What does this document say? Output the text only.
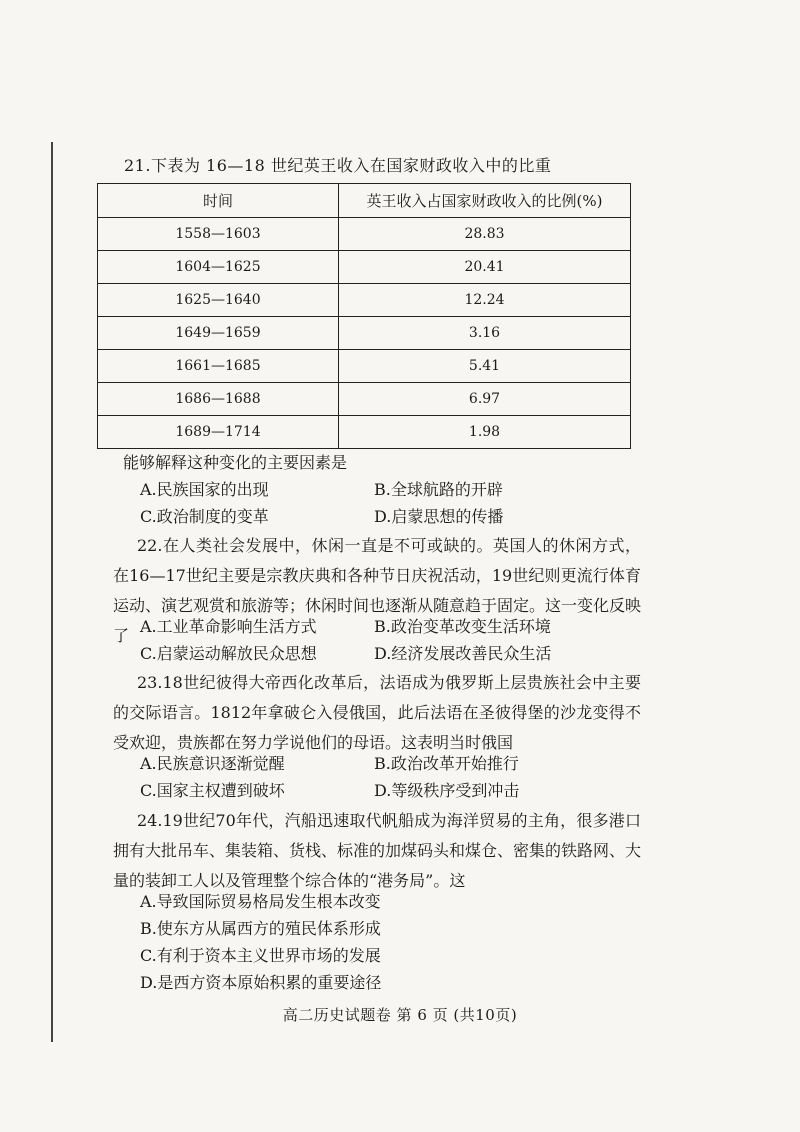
21.下表为 16—18 世纪英王收入在国家财政收入中的比重
时间	英王收入占国家财政收入的比例(%)
1558—1603	28.83
1604—1625	20.41
1625—1640	12.24
1649—1659	3.16
1661—1685	5.41
1686—1688	6.97
1689—1714	1.98
能够解释这种变化的主要因素是
A.民族国家的出现	B.全球航路的开辟
C.政治制度的变革	D.启蒙思想的传播
22.在人类社会发展中，休闲一直是不可或缺的。英国人的休闲方式，在16—17世纪主要是宗教庆典和各种节日庆祝活动，19世纪则更流行体育运动、演艺观赏和旅游等；休闲时间也逐渐从随意趋于固定。这一变化反映了 A.工业革命影响生活方式	B.政治变革改变生活环境
C.启蒙运动解放民众思想	D.经济发展改善民众生活
23.18世纪彼得大帝西化改革后，法语成为俄罗斯上层贵族社会中主要的交际语言。1812年拿破仑入侵俄国，此后法语在圣彼得堡的沙龙变得不受欢迎，贵族都在努力学说他们的母语。这表明当时俄国
A.民族意识逐渐觉醒	B.政治改革开始推行
C.国家主权遭到破坏	D.等级秩序受到冲击
24.19世纪70年代，汽船迅速取代帆船成为海洋贸易的主角，很多港口拥有大批吊车、集装箱、货栈、标准的加煤码头和煤仓、密集的铁路网、大量的装卸工人以及管理整个综合体的“港务局”。这
A.导致国际贸易格局发生根本改变
B.使东方从属西方的殖民体系形成
C.有利于资本主义世界市场的发展
D.是西方资本原始积累的重要途径
高二历史试题卷 第 6 页 (共10页)
